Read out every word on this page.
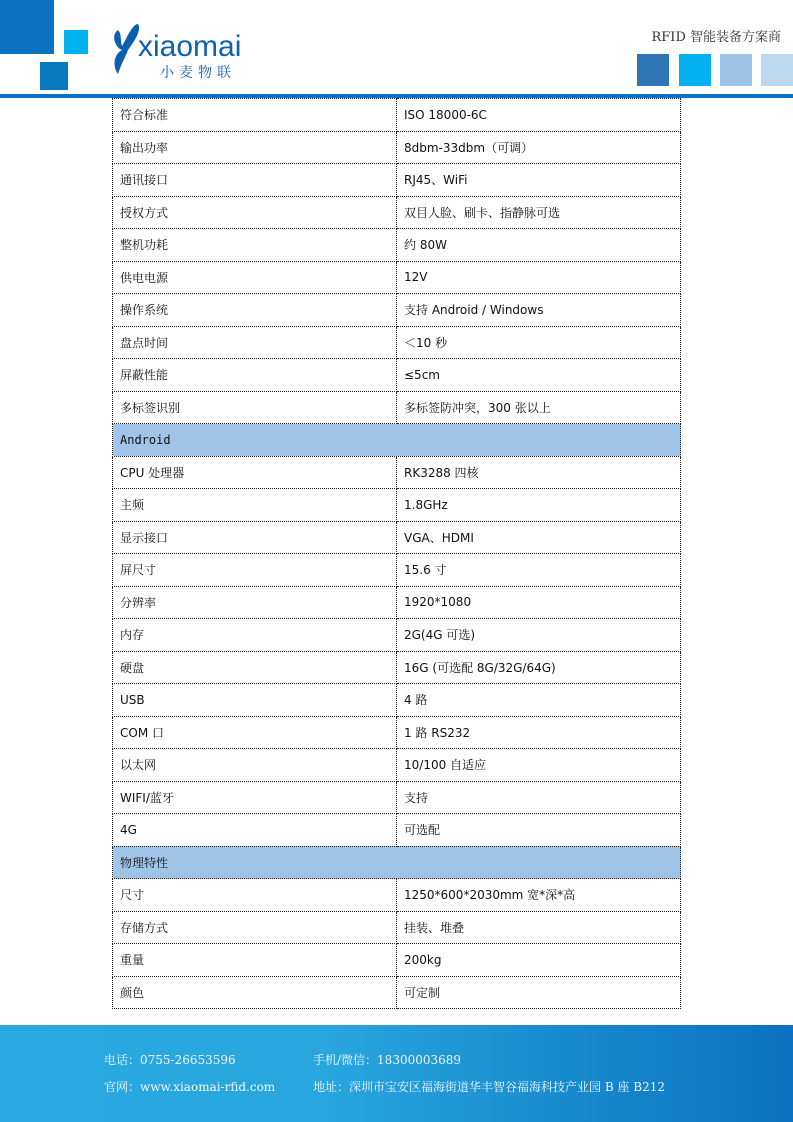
xiaomai
小麦物联
RFID 智能装备方案商
符合标准	ISO 18000-6C
输出功率	8dbm-33dbm（可调）
通讯接口	RJ45、WiFi
授权方式	双目人脸、刷卡、指静脉可选
整机功耗	约 80W
供电电源	12V
操作系统	支持 Android / Windows
盘点时间	＜10 秒
屏蔽性能	≤5cm
多标签识别	多标签防冲突，300 张以上
Android	
CPU 处理器	RK3288 四核
主频	1.8GHz
显示接口	VGA、HDMI
屏尺寸	15.6 寸
分辨率	1920*1080
内存	2G(4G 可选)
硬盘	16G (可选配 8G/32G/64G)
USB	4 路
COM 口	1 路 RS232
以太网	10/100 自适应
WIFI/蓝牙	支持
4G	可选配
物理特性	
尺寸	1250*600*2030mm 宽*深*高
存储方式	挂装、堆叠
重量	200kg
颜色	可定制
电话：0755-26653596	手机/微信：18300003689
官网：www.xiaomai-rfid.com	地址：深圳市宝安区福海街道华丰智谷福海科技产业园 B 座 B212
